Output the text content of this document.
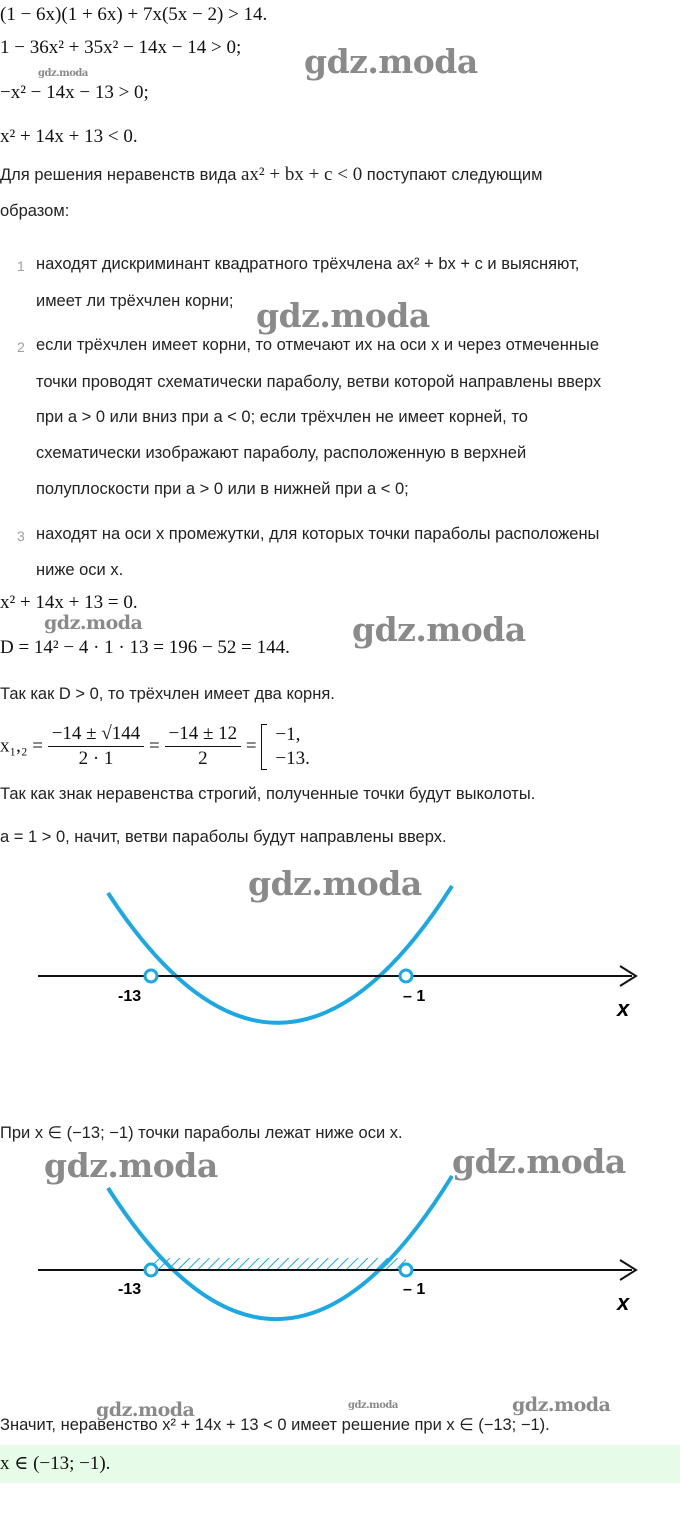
(1 − 6x)(1 + 6x) + 7x(5x − 2) > 14.
1 − 36x² + 35x² − 14x − 14 > 0;
−x² − 14x − 13 > 0;
x² + 14x + 13 < 0.
gdz.moda
gdz.moda
Для решения неравенств вида ax² + bx + c < 0 поступают следующим
образом:
1 находят дискриминант квадратного трёхчлена ax² + bx + c и выясняют,
имеет ли трёхчлен корни; gdz.moda
2 если трёхчлен имеет корни, то отмечают их на оси x и через отмеченные
точки проводят схематически параболу, ветви которой направлены вверх
при a > 0 или вниз при a < 0; если трёхчлен не имеет корней, то
схематически изображают параболу, расположенную в верхней
полуплоскости при a > 0 или в нижней при a < 0;
3 находят на оси x промежутки, для которых точки параболы расположены
ниже оси x.
x² + 14x + 13 = 0.
gdz.moda
D = 14² − 4 · 1 · 13 = 196 − 52 = 144. gdz.moda
Так как D > 0, то трёхчлен имеет два корня.
$x_1,_2 = \frac{-14 \pm √144}{2 \cdot 1} = \frac{-14 \pm 12}{2}$ =
−1,
−13.
Так как знак неравенства строгий, полученные точки будут выколоты.
a = 1 > 0, начит, ветви параболы будут направлены вверх.
-13	– 1	x
gdz.moda
При x ∈ (−13; −1) точки параболы лежат ниже оси x.
-13	– 1
x
gdz.moda	gdz.moda
gdz.moda	gdz.moda	gdz.moda
Значит, неравенство x² + 14x + 13 < 0 имеет решение при x ∈ (−13; −1).
x ∈ (−13; −1).
